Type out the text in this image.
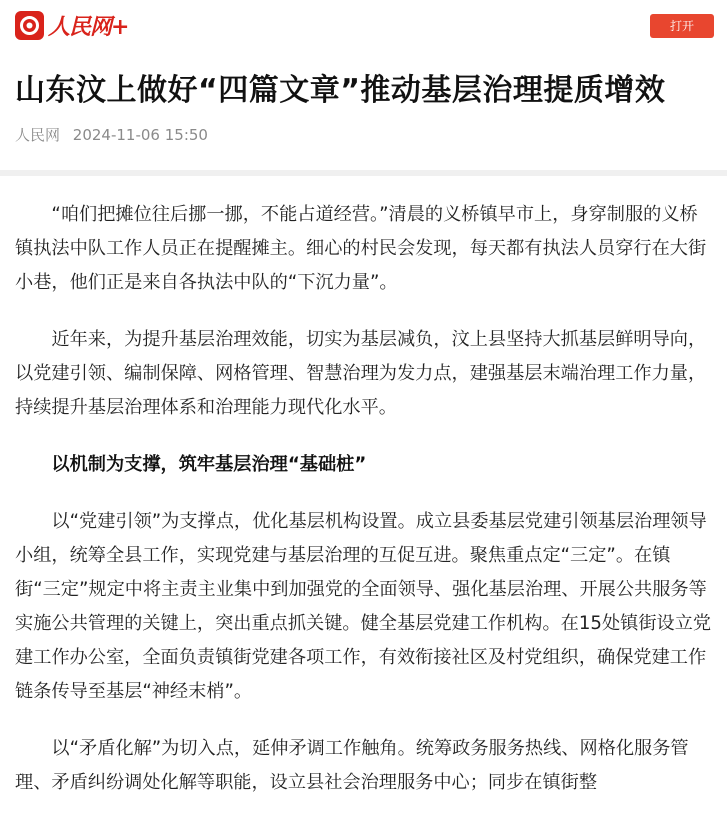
人民网+	打开
山东汶上做好“四篇文章”推动基层治理提质增效
人民网 2024-11-06 15:50

“咱们把摊位往后挪一挪，不能占道经营。”清晨的义桥镇早市上，身穿制服的义桥镇执法中队工作人员正在提醒摊主。细心的村民会发现，每天都有执法人员穿行在大街小巷，他们正是来自各执法中队的“下沉力量”。

近年来，为提升基层治理效能，切实为基层减负，汶上县坚持大抓基层鲜明导向，以党建引领、编制保障、网格管理、智慧治理为发力点，建强基层末端治理工作力量，持续提升基层治理体系和治理能力现代化水平。

以机制为支撑，筑牢基层治理“基础桩”

以“党建引领”为支撑点，优化基层机构设置。成立县委基层党建引领基层治理领导小组，统筹全县工作，实现党建与基层治理的互促互进。聚焦重点定“三定”。在镇街“三定”规定中将主责主业集中到加强党的全面领导、强化基层治理、开展公共服务等实施公共管理的关键上，突出重点抓关键。健全基层党建工作机构。在15处镇街设立党建工作办公室，全面负责镇街党建各项工作，有效衔接社区及村党组织，确保党建工作链条传导至基层“神经末梢”。

以“矛盾化解”为切入点，延伸矛调工作触角。统筹政务服务热线、网格化服务管理、矛盾纠纷调处化解等职能，设立县社会治理服务中心；同步在镇街整
